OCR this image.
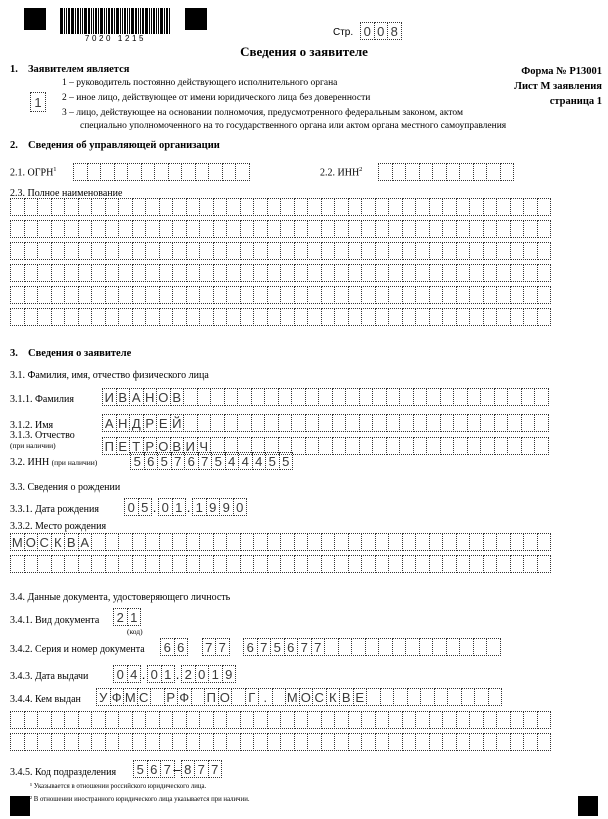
7020 1215
Стр. 0 0 8
Сведения о заявителе
Форма № Р13001
Лист М заявления
страница 1
1. Заявителем является
1
1 – руководитель постоянно действующего исполнительного органа
2 – иное лицо, действующее от имени юридического лица без доверенности
3 – лицо, действующее на основании полномочия, предусмотренного федеральным законом, актом
специально уполномоченного на то государственного органа или актом органа местного самоуправления
2. Сведения об управляющей организации
2.1. ОГРН$^1$	2.2. ИНН$^2$
2.3. Полное наименование
3. Сведения о заявителе
3.1. Фамилия, имя, отчество физического лица
3.1.1. Фамилия И В А Н О В
3.1.2. Имя	А Н Д Р Е Й
3.1.3. Отчество
(при наличии)	П Е Т Р О В И Ч
3.2. ИНН (при наличии)	5 6 5 7 6 7 5 4 4 4 5 5
3.3. Сведения о рождении
3.3.1. Дата рождения 0 5 . 0 1 . 1 9 9 0
3.3.2. Место рождения
М О С К В А
3.4. Данные документа, удостоверяющего личность
3.4.1. Вид документа 2 1
(код)
3.4.2. Серия и номер документа 6 6 7 7 6 7 5 6 7 7
3.4.3. Дата выдачи 0 4 . 0 1 . 2 0 1 9
3.4.4. Кем выдан У Ф М С Р Ф П О Г .	М О С К В Е
3.4.5. Код подразделения 5 6 7 – 8 7 7
¹ Указывается в отношении российского юридического лица.
² В отношении иностранного юридического лица указывается при наличии.
